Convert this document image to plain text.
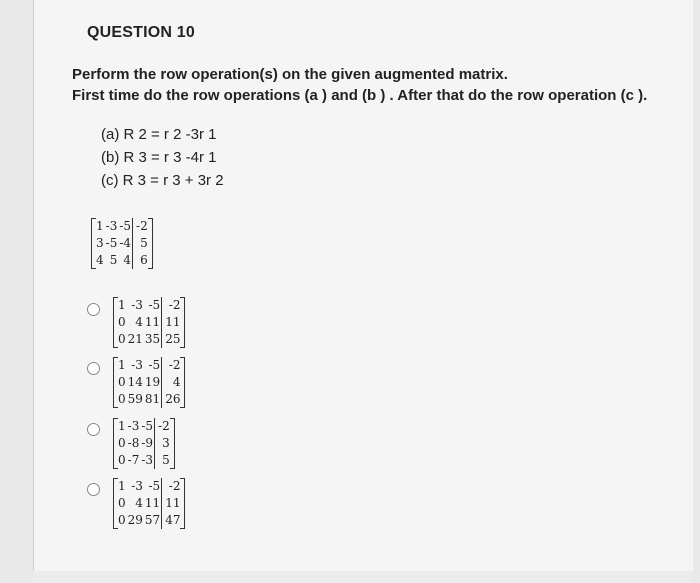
QUESTION 10
Perform the row operation(s) on the given augmented matrix.
First time do the row operations (a ) and (b ) . After that do the row operation (c ).
(a) R 2 = r 2 -3r 1
(b) R 3 = r 3 -4r 1
(c) R 3 = r 3 + 3r 2
1	-3	-5	-2
3	-5	-4	5
4	5	4	6
1	-3	-5	-2
0	4	11	11
0	21	35	25
1	-3	-5	-2
0	14	19	4
0	59	81	26
1	-3	-5	-2
0	-8	-9	3
0	-7	-3	5
1	-3	-5	-2
0	4	11	11
0	29	57	47
